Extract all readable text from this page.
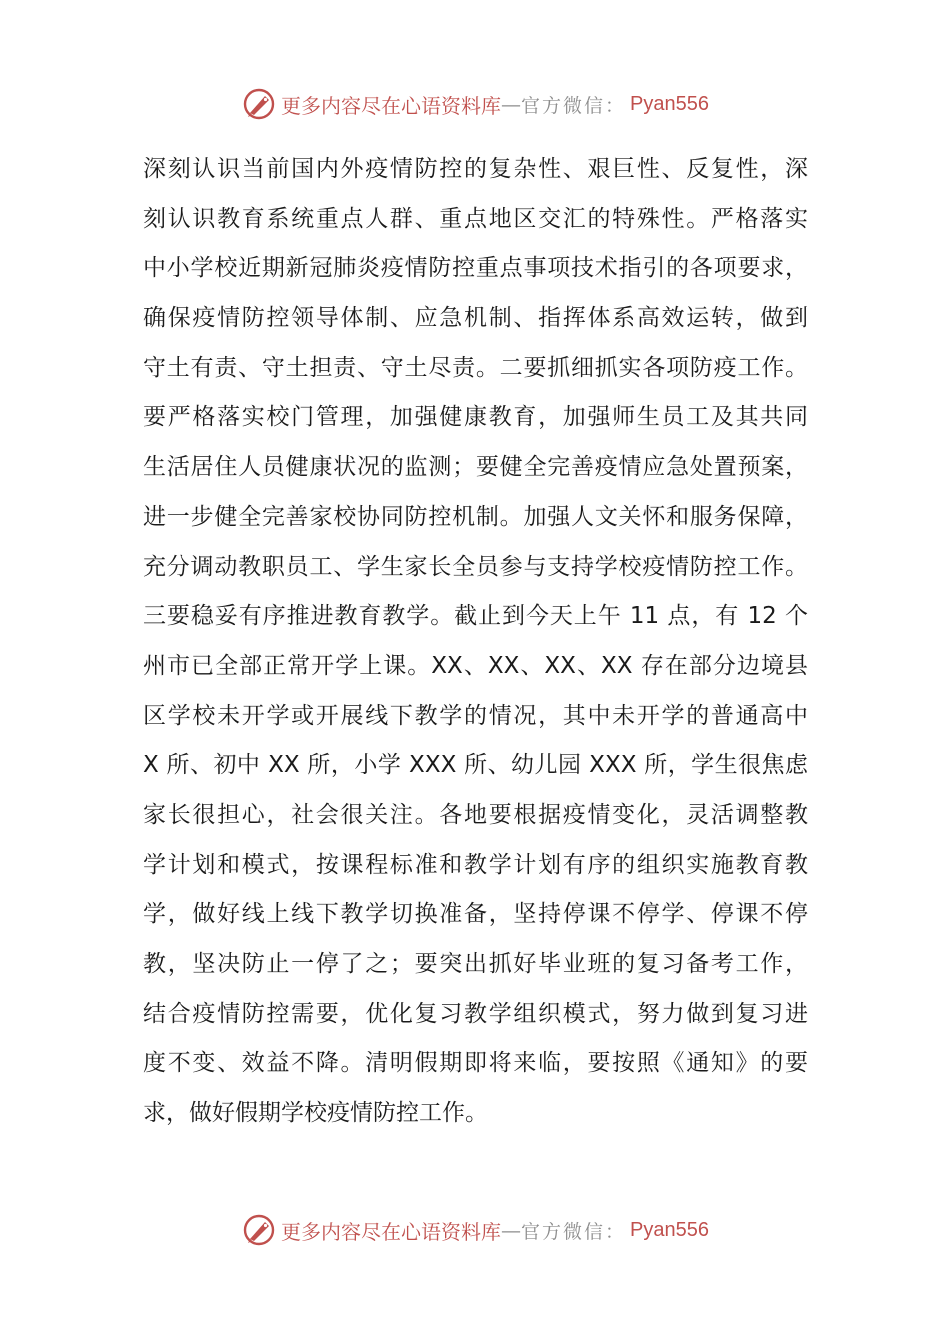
更多内容尽在心语资料库 — 官方微信： Pyan556
深刻认识当前国内外疫情防控的复杂性、艰巨性、反复性，深
刻认识教育系统重点人群、重点地区交汇的特殊性。严格落实
中小学校近期新冠肺炎疫情防控重点事项技术指引的各项要求，
确保疫情防控领导体制、应急机制、指挥体系高效运转，做到
守土有责、守土担责、守土尽责。二要抓细抓实各项防疫工作。
要严格落实校门管理，加强健康教育，加强师生员工及其共同
生活居住人员健康状况的监测；要健全完善疫情应急处置预案，
进一步健全完善家校协同防控机制。加强人文关怀和服务保障，
充分调动教职员工、学生家长全员参与支持学校疫情防控工作。
三要稳妥有序推进教育教学。截止到今天上午 11 点，有 12 个
州市已全部正常开学上课。XX、XX、XX、XX 存在部分边境县
区学校未开学或开展线下教学的情况，其中未开学的普通高中
X 所、初中 XX 所，小学 XXX 所、幼儿园 XXX 所，学生很焦虑
家长很担心，社会很关注。各地要根据疫情变化，灵活调整教
学计划和模式，按课程标准和教学计划有序的组织实施教育教
学，做好线上线下教学切换准备，坚持停课不停学、停课不停
教，坚决防止一停了之；要突出抓好毕业班的复习备考工作，
结合疫情防控需要，优化复习教学组织模式，努力做到复习进
度不变、效益不降。清明假期即将来临，要按照《通知》的要
求，做好假期学校疫情防控工作。
更多内容尽在心语资料库 — 官方微信： Pyan556
